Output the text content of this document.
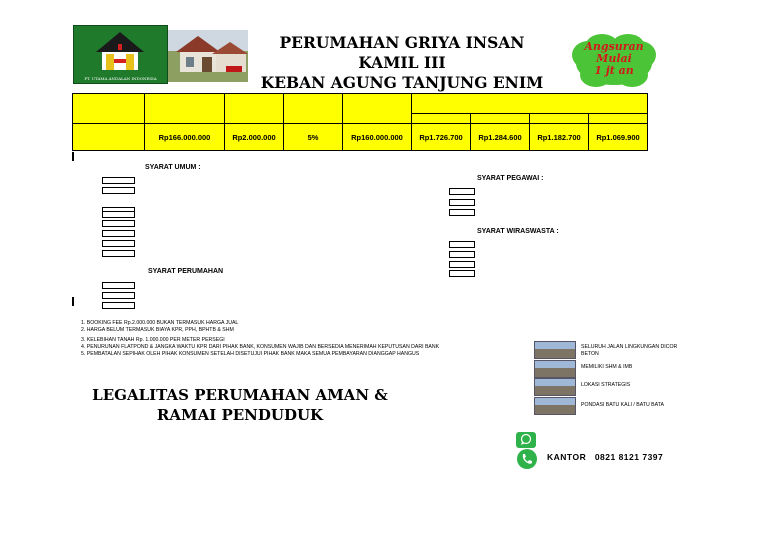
PT. UTAMA ANDALAN INDONESIA
PERUMAHAN GRIYA INSAN KAMIL III
KEBAN AGUNG TANJUNG ENIM
Angsuran
Mulai
1 jt an

	Rp166.000.000	Rp2.000.000	5%	Rp160.000.000	Rp1.726.700	Rp1.284.600	Rp1.182.700	Rp1.069.900
SYARAT UMUM :
SYARAT PERUMAHAN
SYARAT PEGAWAI :
SYARAT WIRASWASTA :
1. BOOKING FEE Rp.2.000.000 BUKAN TERMASUK HARGA JUAL
2. HARGA BELUM TERMASUK BIAYA KPR, PPH, BPHTB & SHM
3. KELEBIHAN TANAH Rp. 1.000.000 PER METER PERSEGI
4. PENURUNAN FLATPOND & JANGKA WAKTU KPR DARI PIHAK BANK, KONSUMEN WAJIB DAN BERSEDIA MENERIMAH KEPUTUSAN DARI BANK
5. PEMBATALAN SEPIHAK OLEH PIHAK KONSUMEN SETELAH DISETUJUI PIHAK BANK MAKA SEMUA PEMBAYARAN DIANGGAP HANGUS
LEGALITAS PERUMAHAN AMAN &
RAMAI PENDUDUK
SELURUH JALAN LINGKUNGAN DICOR BETON
MEMILIKI SHM & IMB
LOKASI STRATEGIS
PONDASI BATU KALI / BATU BATA
KANTOR 0821 8121 7397
